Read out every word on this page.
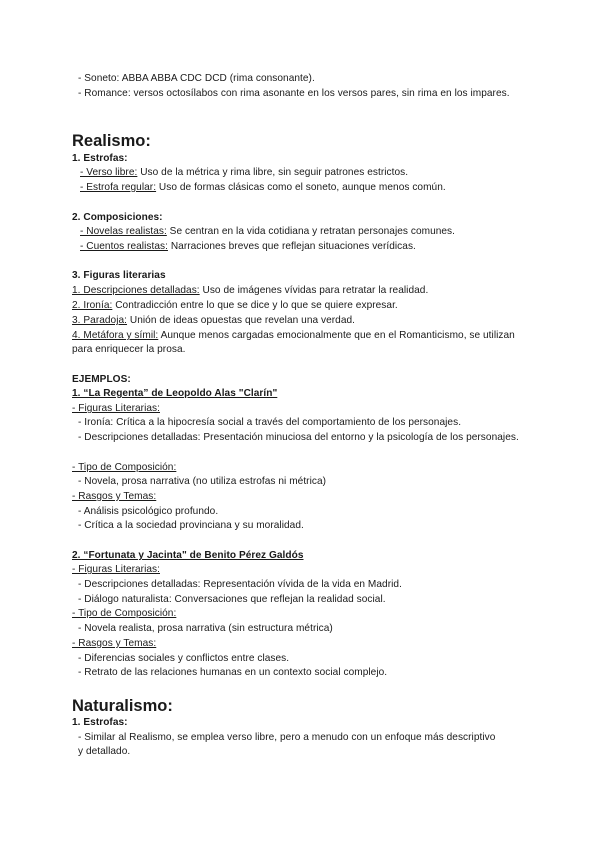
- Soneto: ABBA ABBA CDC DCD (rima consonante).
- Romance: versos octosílabos con rima asonante en los versos pares, sin rima en los impares.
Realismo:
1. Estrofas:
- Verso libre: Uso de la métrica y rima libre, sin seguir patrones estrictos.
- Estrofa regular: Uso de formas clásicas como el soneto, aunque menos común.
2. Composiciones:
- Novelas realistas: Se centran en la vida cotidiana y retratan personajes comunes.
- Cuentos realistas: Narraciones breves que reflejan situaciones verídicas.
3. Figuras literarias
1. Descripciones detalladas: Uso de imágenes vívidas para retratar la realidad.
2. Ironía: Contradicción entre lo que se dice y lo que se quiere expresar.
3. Paradoja: Unión de ideas opuestas que revelan una verdad.
4. Metáfora y símil: Aunque menos cargadas emocionalmente que en el Romanticismo, se utilizan para enriquecer la prosa.
EJEMPLOS:
1. “La Regenta” de Leopoldo Alas "Clarín"
- Figuras Literarias:
- Ironía: Crítica a la hipocresía social a través del comportamiento de los personajes.
- Descripciones detalladas: Presentación minuciosa del entorno y la psicología de los personajes.
- Tipo de Composición:
- Novela, prosa narrativa (no utiliza estrofas ni métrica)
- Rasgos y Temas:
- Análisis psicológico profundo.
- Crítica a la sociedad provinciana y su moralidad.
2. “Fortunata y Jacinta" de Benito Pérez Galdós
- Figuras Literarias:
- Descripciones detalladas: Representación vívida de la vida en Madrid.
- Diálogo naturalista: Conversaciones que reflejan la realidad social.
- Tipo de Composición:
- Novela realista, prosa narrativa (sin estructura métrica)
- Rasgos y Temas:
- Diferencias sociales y conflictos entre clases.
- Retrato de las relaciones humanas en un contexto social complejo.
Naturalismo:
1. Estrofas:
- Similar al Realismo, se emplea verso libre, pero a menudo con un enfoque más descriptivo y detallado.
